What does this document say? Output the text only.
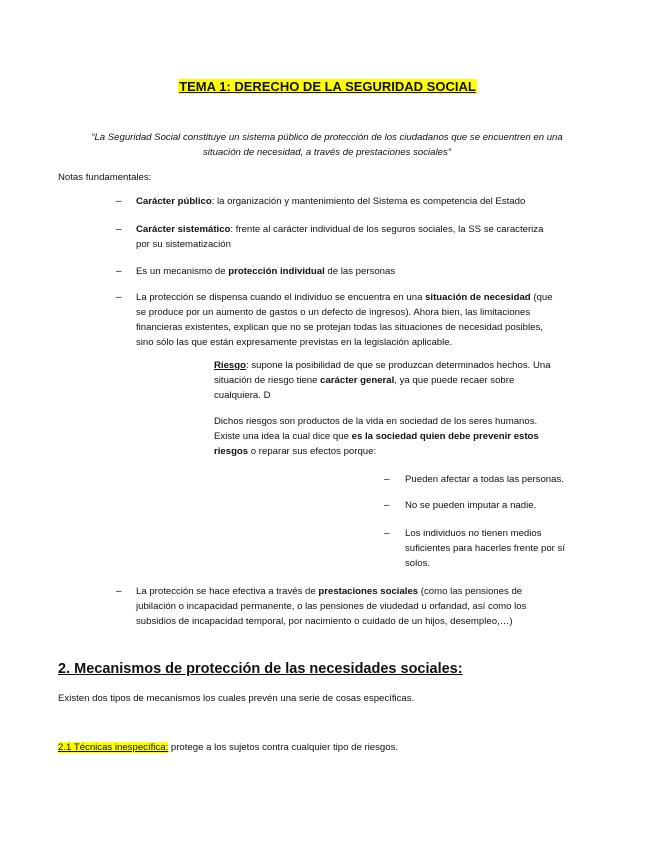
TEMA 1: DERECHO DE LA SEGURIDAD SOCIAL
“La Seguridad Social constituye un sistema público de protección de los ciudadanos que se encuentren en una
situación de necesidad, a través de prestaciones sociales”
Notas fundamentales:
– Carácter público: la organización y mantenimiento del Sistema es competencia del Estado
– Carácter sistemático: frente al carácter individual de los seguros sociales, la SS se caracteriza
por su sistematización
– Es un mecanismo de protección individual de las personas
– La protección se dispensa cuando el individuo se encuentra en una situación de necesidad (que
se produce por un aumento de gastos o un defecto de ingresos). Ahora bien, las limitaciones
financieras existentes, explican que no se protejan todas las situaciones de necesidad posibles,
sino sólo las que están expresamente previstas en la legislación aplicable.
Riesgo: supone la posibilidad de que se produzcan determinados hechos. Una
situación de riesgo tiene carácter general, ya que puede recaer sobre
cualquiera. D
Dichos riesgos son productos de la vida en sociedad de los seres humanos.
Existe una idea la cual dice que es la sociedad quien debe prevenir estos
riesgos o reparar sus efectos porque:
– Pueden afectar a todas las personas.
– No se pueden imputar a nadie.
– Los individuos no tienen medios
suficientes para hacerles frente por sí
solos.
– La protección se hace efectiva a través de prestaciones sociales (como las pensiones de
jubilación o incapacidad permanente, o las pensiones de viudedad u orfandad, así como los
subsidios de incapacidad temporal, por nacimiento o cuidado de un hijos, desempleo,…)
2. Mecanismos de protección de las necesidades sociales:
Existen dos tipos de mecanismos los cuales prevén una serie de cosas específicas.
2.1 Técnicas inespecífica: protege a los sujetos contra cualquier tipo de riesgos.
